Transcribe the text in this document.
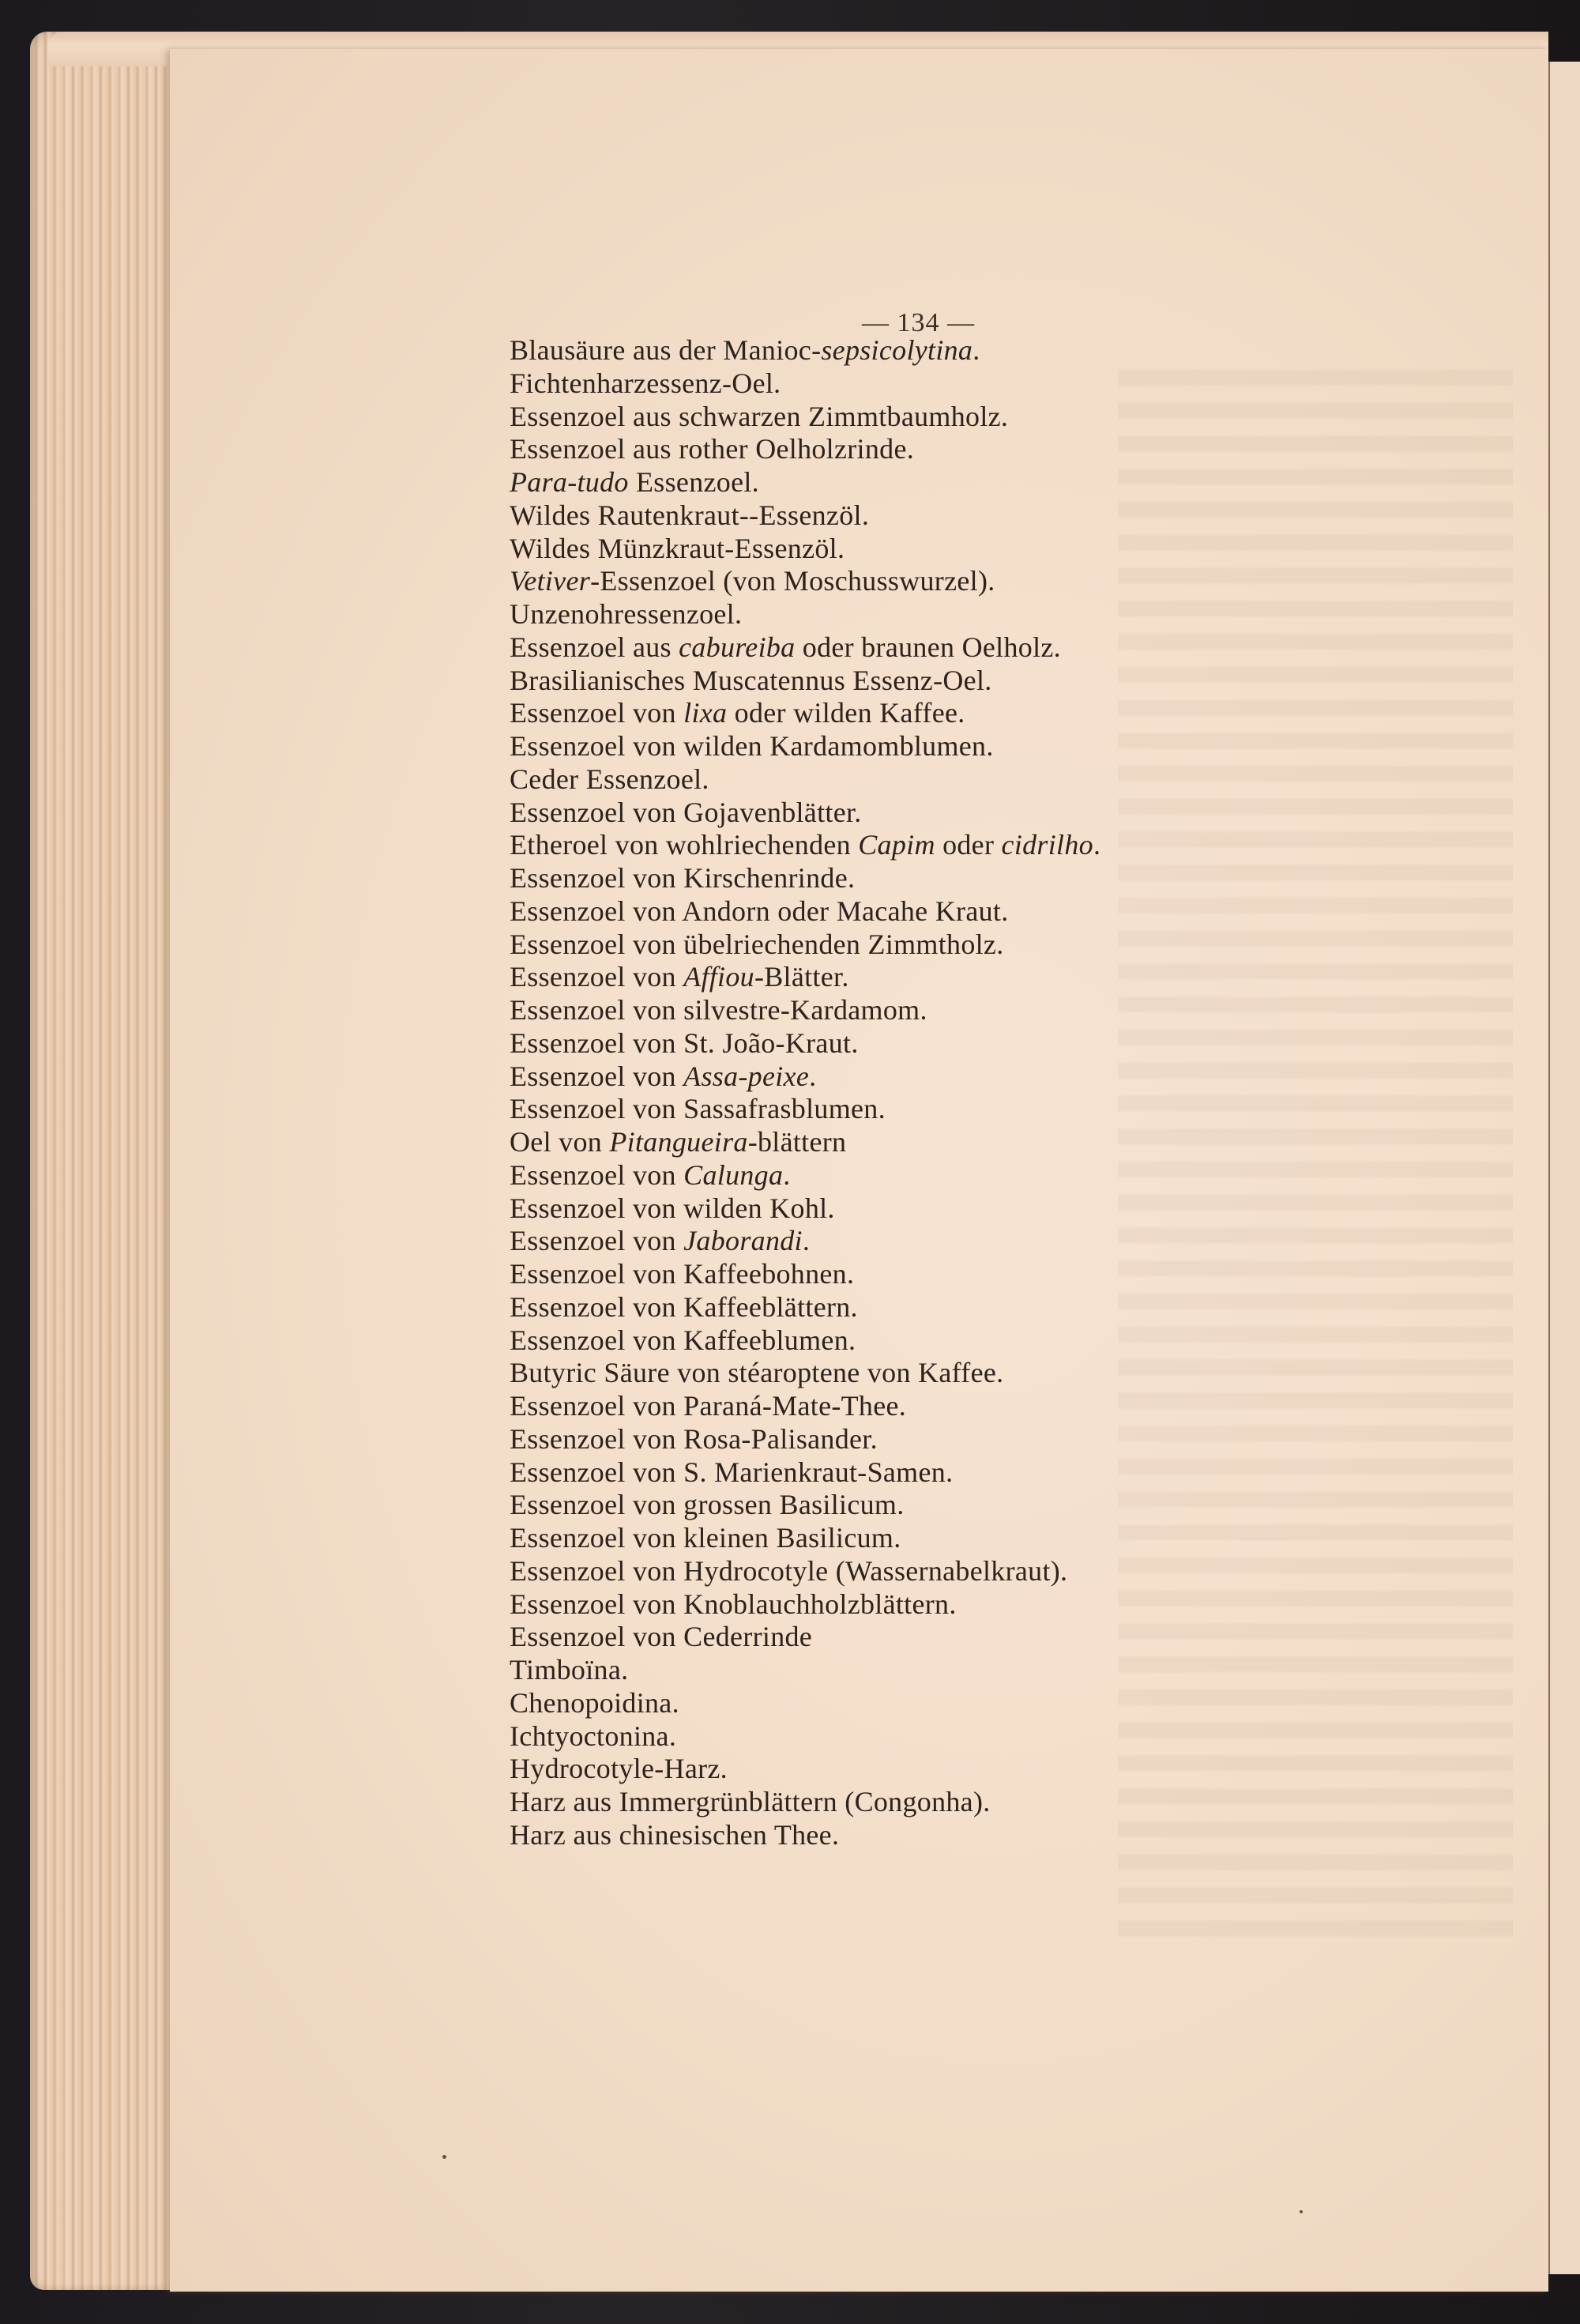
— 134 —
Blausäure aus der Manioc-sepsicolytina.
Fichtenharzessenz-Oel.
Essenzoel aus schwarzen Zimmtbaumholz.
Essenzoel aus rother Oelholzrinde.
Para-tudo Essenzoel.
Wildes Rautenkraut--Essenzöl.
Wildes Münzkraut-Essenzöl.
Vetiver-Essenzoel (von Moschusswurzel).
Unzenohressenzoel.
Essenzoel aus cabureiba oder braunen Oelholz.
Brasilianisches Muscatennus Essenz-Oel.
Essenzoel von lixa oder wilden Kaffee.
Essenzoel von wilden Kardamomblumen.
Ceder Essenzoel.
Essenzoel von Gojavenblätter.
Etheroel von wohlriechenden Capim oder cidrilho.
Essenzoel von Kirschenrinde.
Essenzoel von Andorn oder Macahe Kraut.
Essenzoel von übelriechenden Zimmtholz.
Essenzoel von Affiou-Blätter.
Essenzoel von silvestre-Kardamom.
Essenzoel von St. João-Kraut.
Essenzoel von Assa-peixe.
Essenzoel von Sassafrasblumen.
Oel von Pitangueira-blättern
Essenzoel von Calunga.
Essenzoel von wilden Kohl.
Essenzoel von Jaborandi.
Essenzoel von Kaffeebohnen.
Essenzoel von Kaffeeblättern.
Essenzoel von Kaffeeblumen.
Butyric Säure von stéaroptene von Kaffee.
Essenzoel von Paraná-Mate-Thee.
Essenzoel von Rosa-Palisander.
Essenzoel von S. Marienkraut-Samen.
Essenzoel von grossen Basilicum.
Essenzoel von kleinen Basilicum.
Essenzoel von Hydrocotyle (Wassernabelkraut).
Essenzoel von Knoblauchholzblättern.
Essenzoel von Cederrinde
Timboïna.
Chenopoidina.
Ichtyoctonina.
Hydrocotyle-Harz.
Harz aus Immergrünblättern (Congonha).
Harz aus chinesischen Thee.
